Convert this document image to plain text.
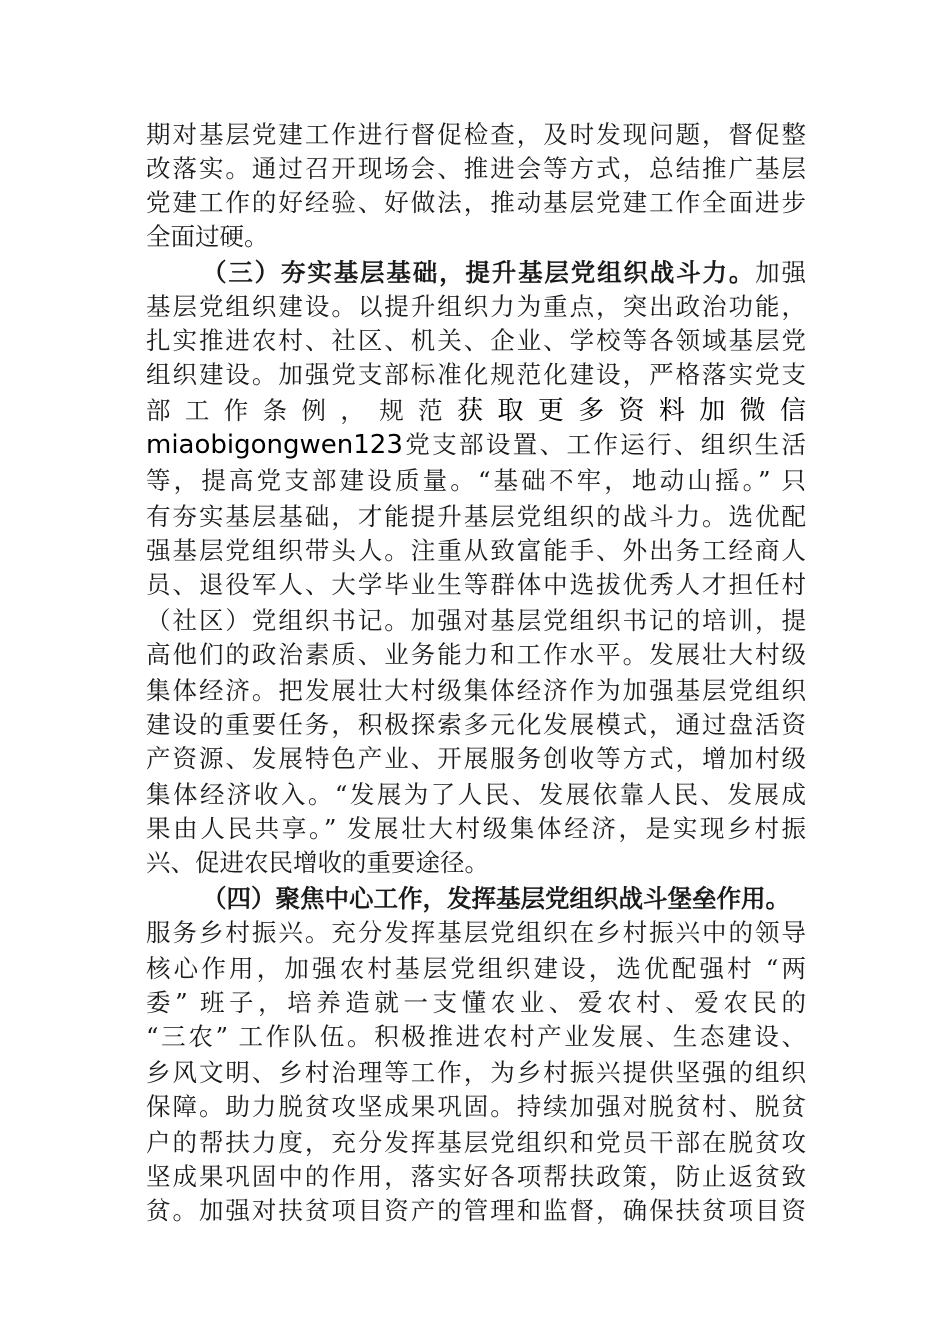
期对基层党建工作进行督促检查，及时发现问题，督促整
改落实。通过召开现场会、推进会等方式，总结推广基层
党建工作的好经验、好做法，推动基层党建工作全面进步
全面过硬。
（三）夯实基层基础，提升基层党组织战斗力。加强
基层党组织建设。以提升组织力为重点，突出政治功能，
扎实推进农村、社区、机关、企业、学校等各领域基层党
组织建设。加强党支部标准化规范化建设，严格落实党支
部工作条例，规范获取更多资料加微信
miaobigongwen123党支部设置、工作运行、组织生活
等，提高党支部建设质量。“基础不牢，地动山摇。” 只
有夯实基层基础，才能提升基层党组织的战斗力。选优配
强基层党组织带头人。注重从致富能手、外出务工经商人
员、退役军人、大学毕业生等群体中选拔优秀人才担任村
（社区）党组织书记。加强对基层党组织书记的培训，提
高他们的政治素质、业务能力和工作水平。发展壮大村级
集体经济。把发展壮大村级集体经济作为加强基层党组织
建设的重要任务，积极探索多元化发展模式，通过盘活资
产资源、发展特色产业、开展服务创收等方式，增加村级
集体经济收入。“发展为了人民、发展依靠人民、发展成
果由人民共享。” 发展壮大村级集体经济，是实现乡村振
兴、促进农民增收的重要途径。
（四）聚焦中心工作，发挥基层党组织战斗堡垒作用。
服务乡村振兴。充分发挥基层党组织在乡村振兴中的领导
核心作用，加强农村基层党组织建设，选优配强村 “两
委” 班子，培养造就一支懂农业、爱农村、爱农民的
“三农” 工作队伍。积极推进农村产业发展、生态建设、
乡风文明、乡村治理等工作，为乡村振兴提供坚强的组织
保障。助力脱贫攻坚成果巩固。持续加强对脱贫村、脱贫
户的帮扶力度，充分发挥基层党组织和党员干部在脱贫攻
坚成果巩固中的作用，落实好各项帮扶政策，防止返贫致
贫。加强对扶贫项目资产的管理和监督，确保扶贫项目资
